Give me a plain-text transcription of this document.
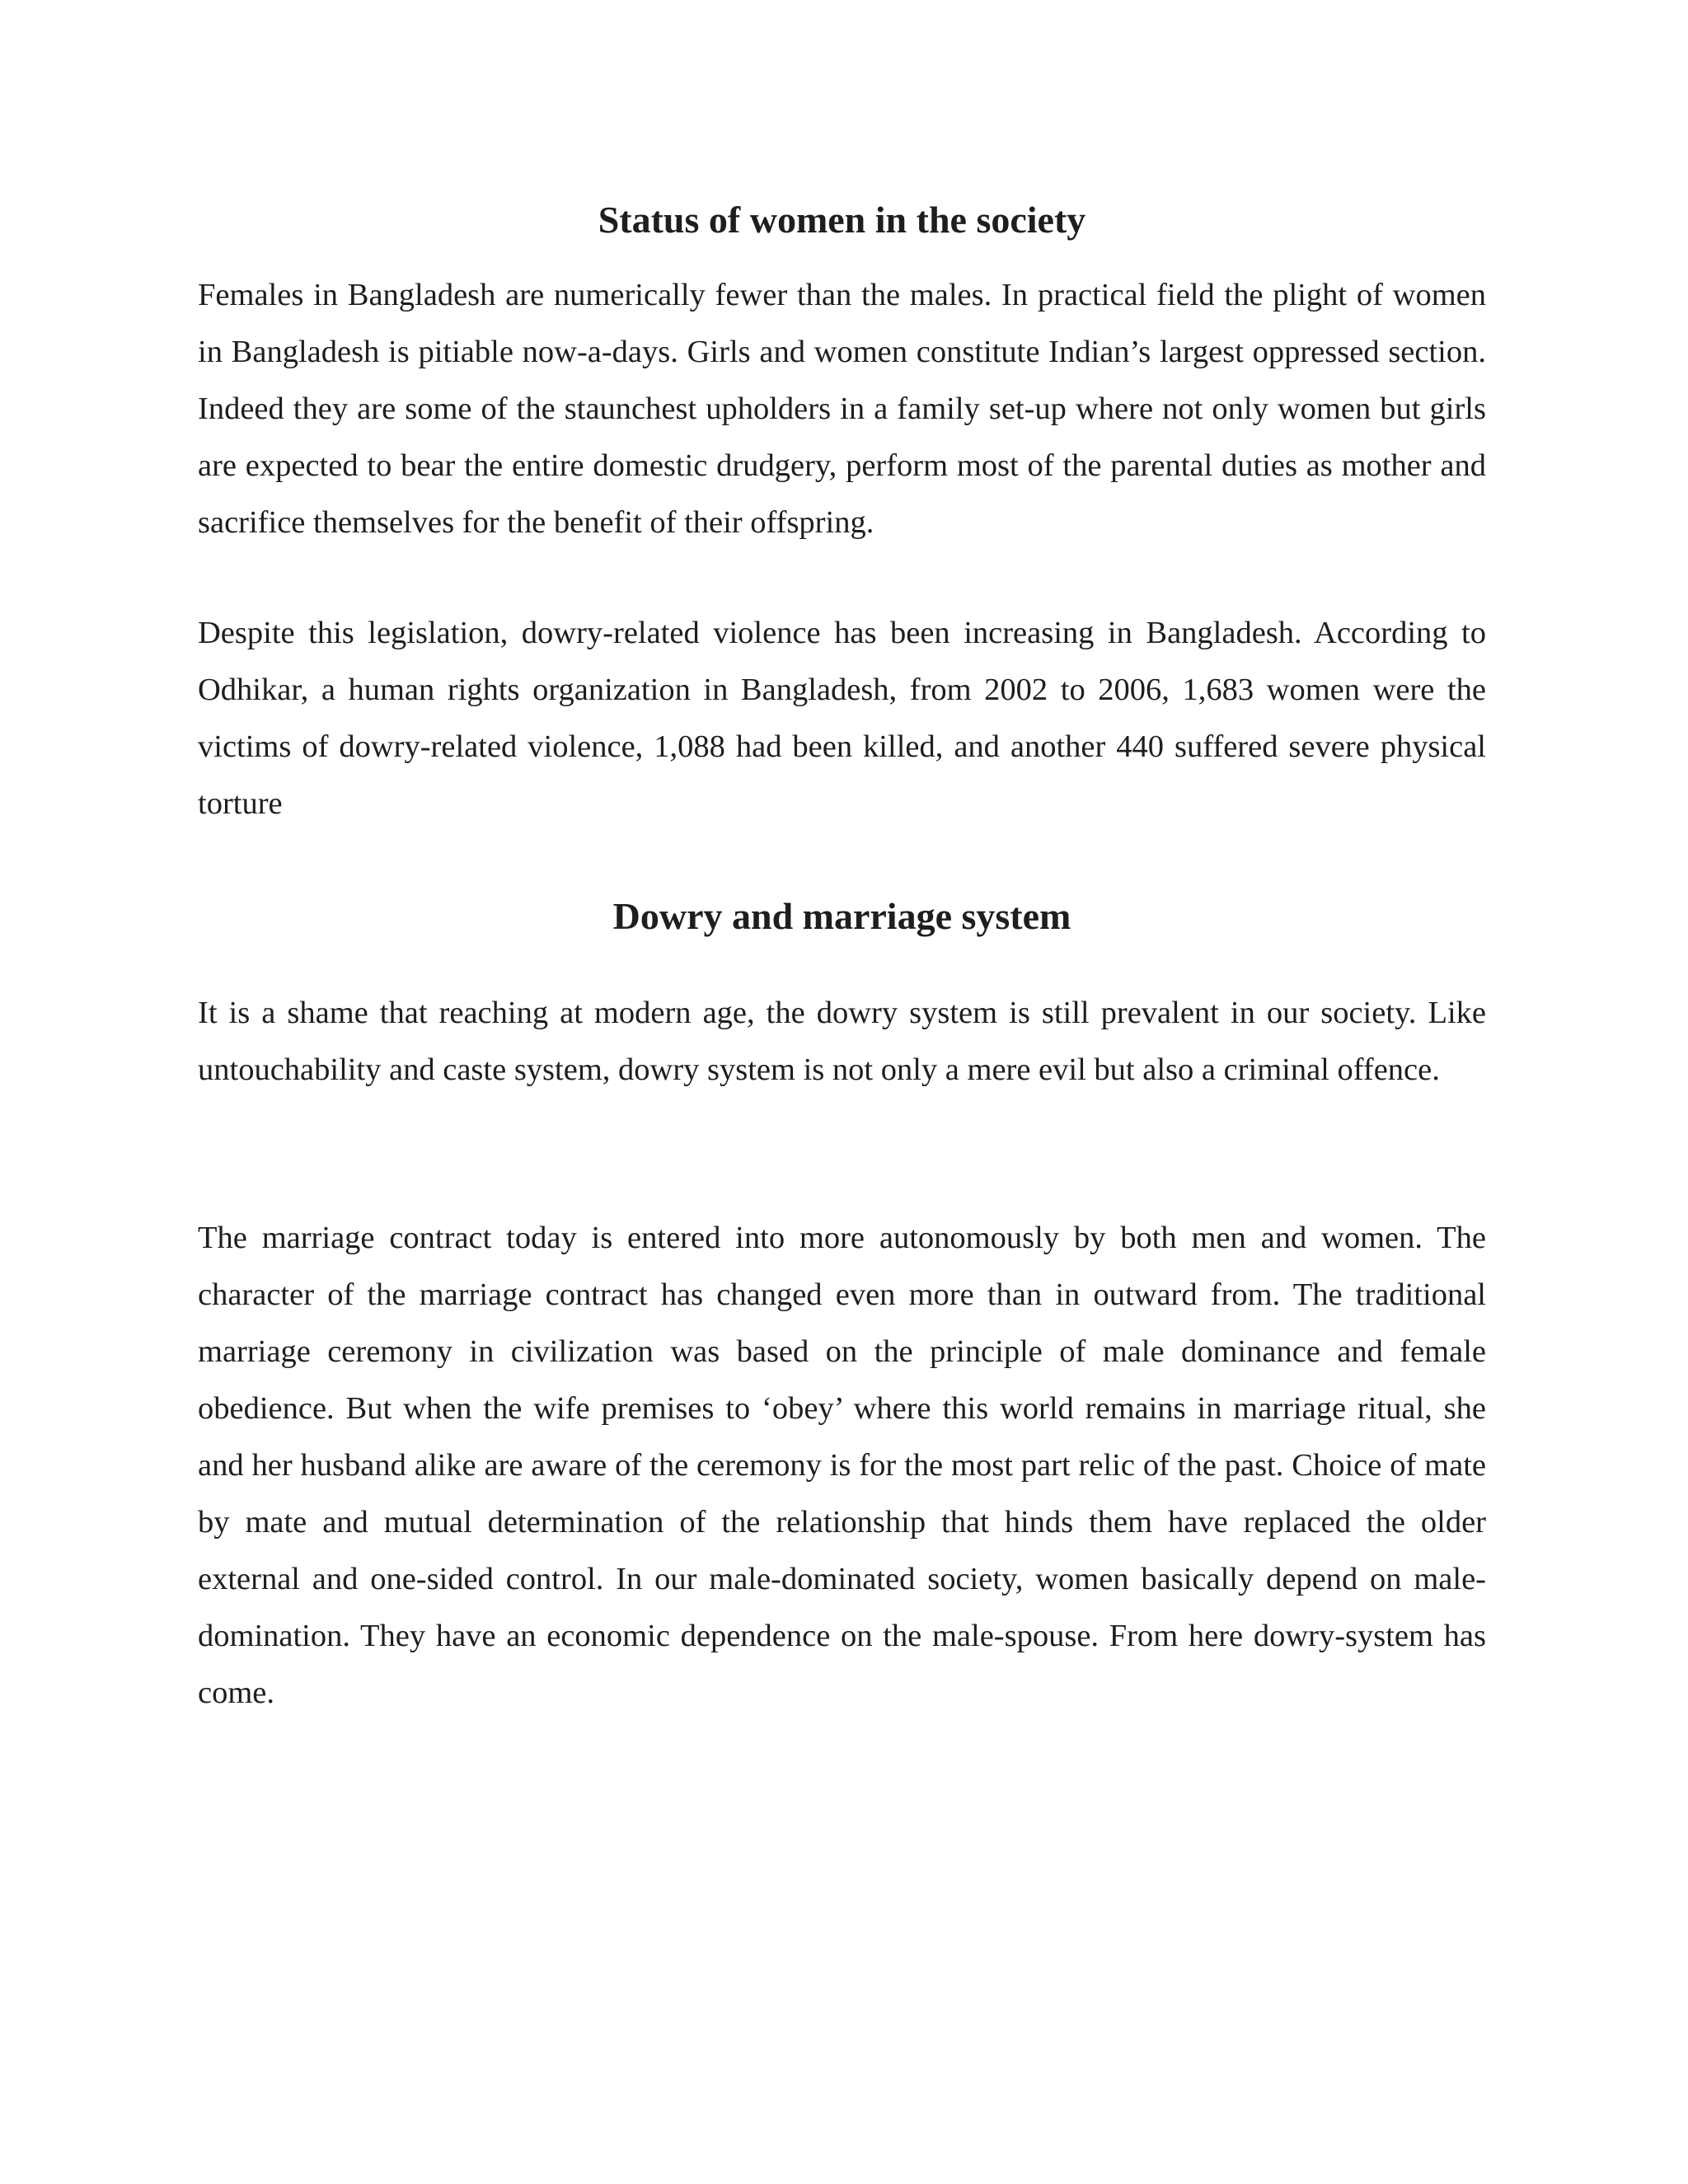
Status of women in the society

Females in Bangladesh are numerically fewer than the males. In practical field the plight of women in Bangladesh is pitiable now-a-days. Girls and women constitute Indian’s largest oppressed section. Indeed they are some of the staunchest upholders in a family set-up where not only women but girls are expected to bear the entire domestic drudgery, perform most of the parental duties as mother and sacrifice themselves for the benefit of their offspring.

Despite this legislation, dowry-related violence has been increasing in Bangladesh. According to Odhikar, a human rights organization in Bangladesh, from 2002 to 2006, 1,683 women were the victims of dowry-related violence, 1,088 had been killed, and another 440 suffered severe physical torture

Dowry and marriage system

It is a shame that reaching at modern age, the dowry system is still prevalent in our society. Like untouchability and caste system, dowry system is not only a mere evil but also a criminal offence.

The marriage contract today is entered into more autonomously by both men and women. The character of the marriage contract has changed even more than in outward from. The traditional marriage ceremony in civilization was based on the principle of male dominance and female obedience. But when the wife premises to ‘obey’ where this world remains in marriage ritual, she and her husband alike are aware of the ceremony is for the most part relic of the past. Choice of mate by mate and mutual determination of the relationship that hinds them have replaced the older external and one-sided control. In our male-dominated society, women basically depend on male-domination. They have an economic dependence on the male-spouse. From here dowry-system has come.
